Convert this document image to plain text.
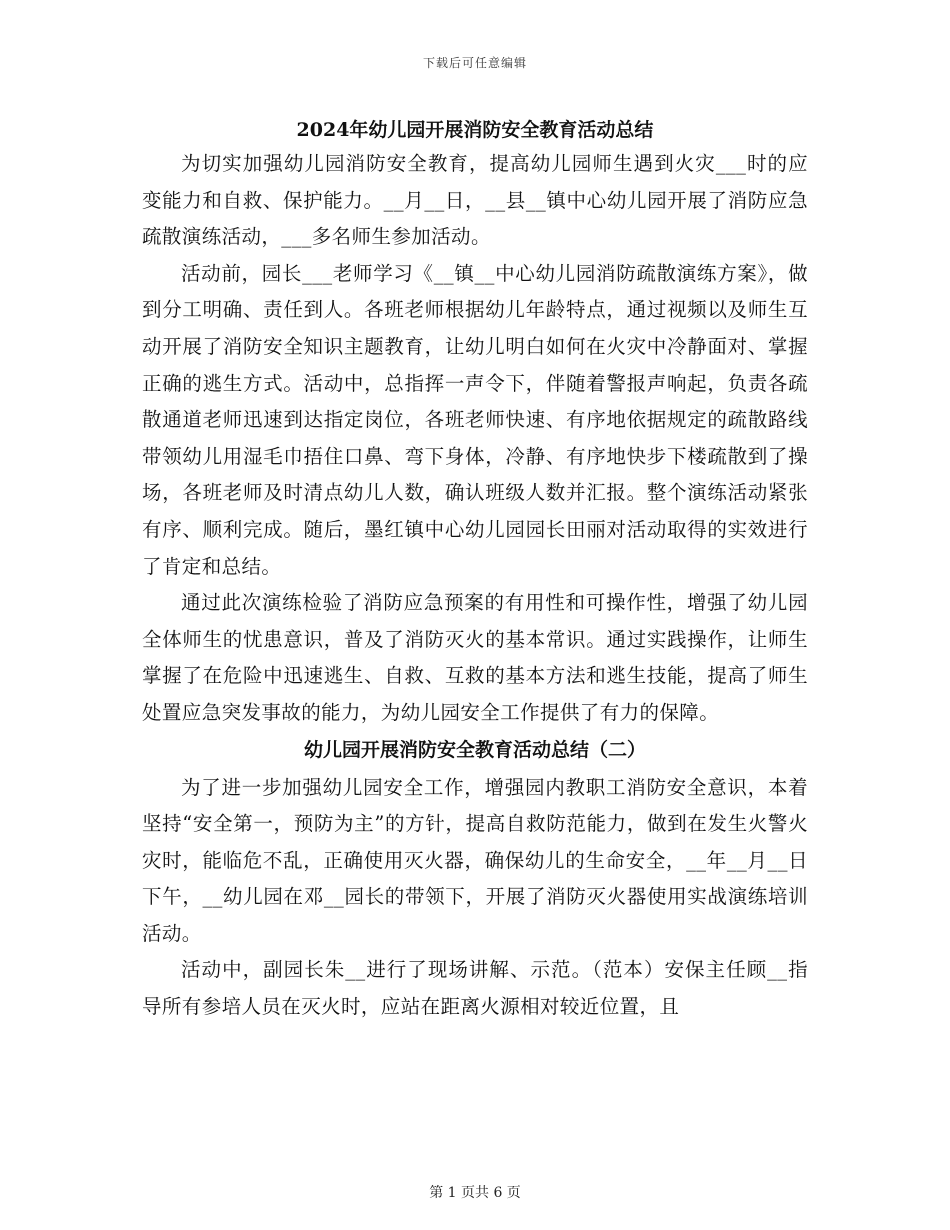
下载后可任意编辑
2024年幼儿园开展消防安全教育活动总结

为切实加强幼儿园消防安全教育，提高幼儿园师生遇到火灾___时的应变能力和自救、保护能力。__月__日，__县__镇中心幼儿园开展了消防应急疏散演练活动，___多名师生参加活动。

活动前，园长___老师学习《__镇__中心幼儿园消防疏散演练方案》，做到分工明确、责任到人。各班老师根据幼儿年龄特点，通过视频以及师生互动开展了消防安全知识主题教育，让幼儿明白如何在火灾中冷静面对、掌握正确的逃生方式。活动中，总指挥一声令下，伴随着警报声响起，负责各疏散通道老师迅速到达指定岗位，各班老师快速、有序地依据规定的疏散路线带领幼儿用湿毛巾捂住口鼻、弯下身体，冷静、有序地快步下楼疏散到了操场，各班老师及时清点幼儿人数，确认班级人数并汇报。整个演练活动紧张有序、顺利完成。随后，墨红镇中心幼儿园园长田丽对活动取得的实效进行了肯定和总结。

通过此次演练检验了消防应急预案的有用性和可操作性，增强了幼儿园全体师生的忧患意识，普及了消防灭火的基本常识。通过实践操作，让师生掌握了在危险中迅速逃生、自救、互救的基本方法和逃生技能，提高了师生处置应急突发事故的能力，为幼儿园安全工作提供了有力的保障。

幼儿园开展消防安全教育活动总结（二）

为了进一步加强幼儿园安全工作，增强园内教职工消防安全意识，本着坚持“安全第一，预防为主”的方针，提高自救防范能力，做到在发生火警火灾时，能临危不乱，正确使用灭火器，确保幼儿的生命安全，__年__月__日下午，__幼儿园在邓__园长的带领下，开展了消防灭火器使用实战演练培训活动。

活动中，副园长朱__进行了现场讲解、示范。（范本）安保主任顾__指导所有参培人员在灭火时，应站在距离火源相对较近位置，且

第 1 页共 6 页
